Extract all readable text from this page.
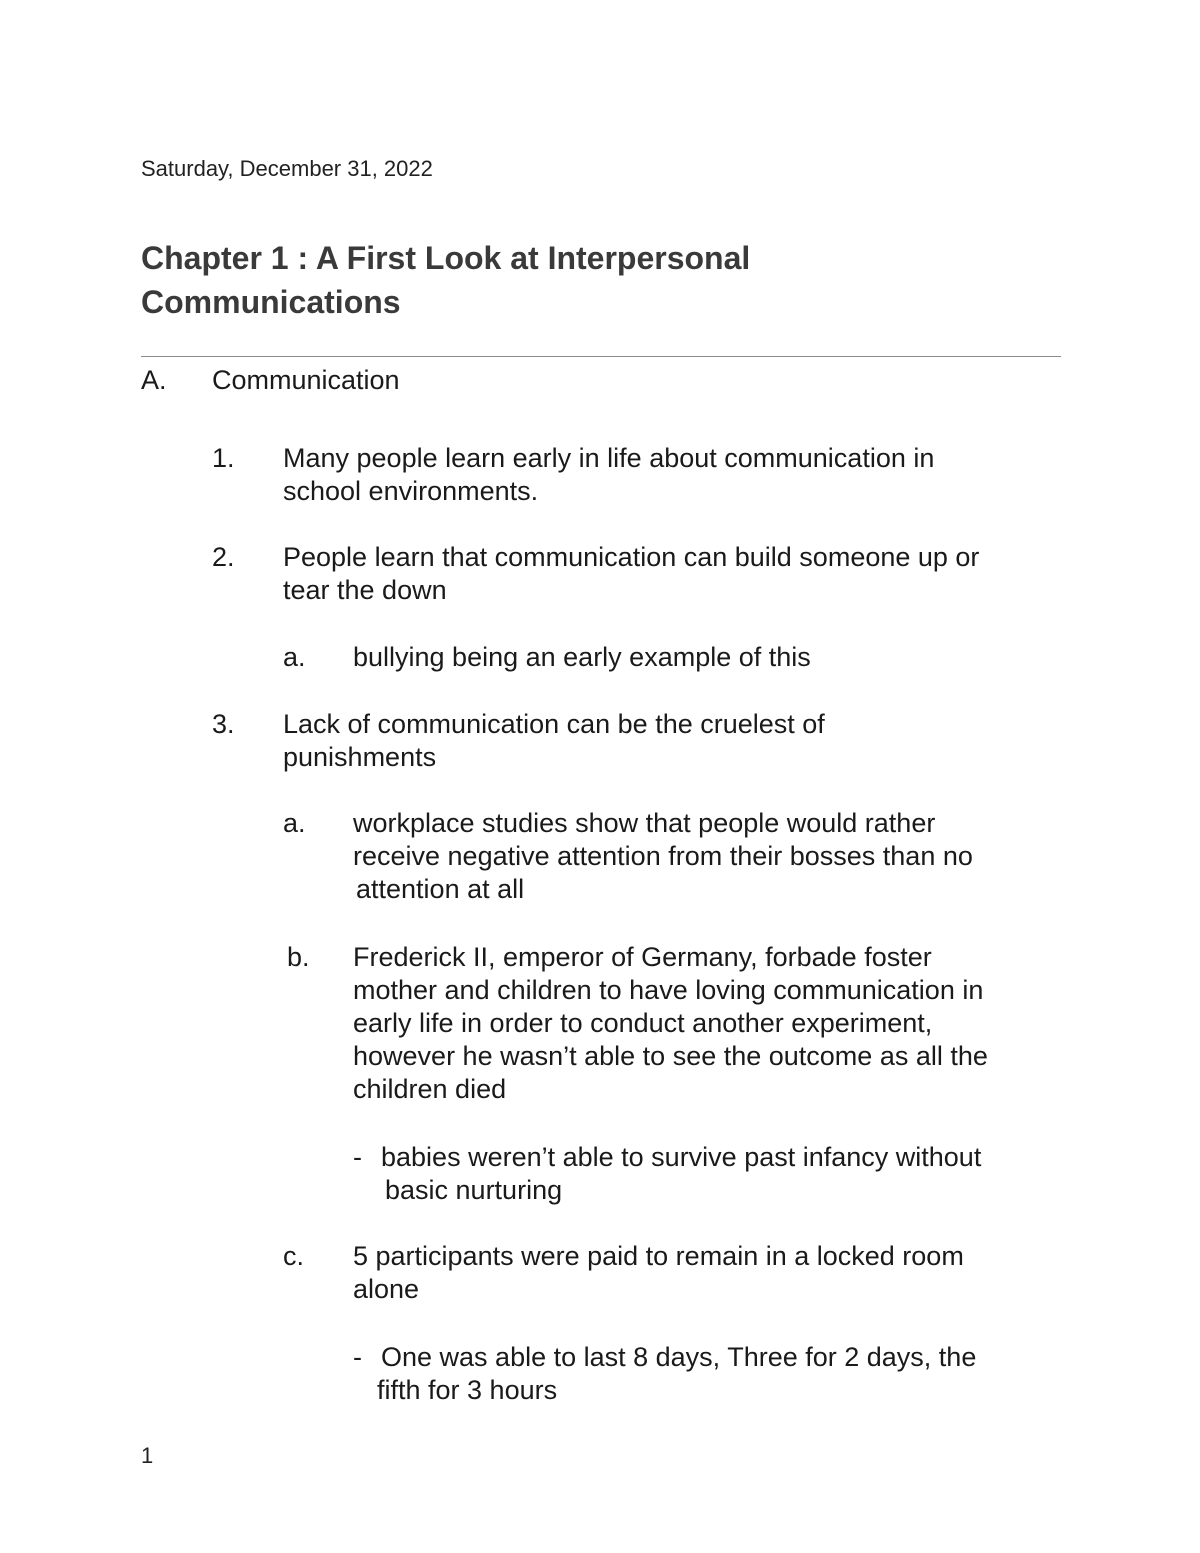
Saturday, December 31, 2022
Chapter 1 : A First Look at Interpersonal
Communications
A. Communication
1. Many people learn early in life about communication in
school environments.
2. People learn that communication can build someone up or
tear the down
a. bullying being an early example of this
3. Lack of communication can be the cruelest of
punishments
a. workplace studies show that people would rather
receive negative attention from their bosses than no
attention at all
b. Frederick II, emperor of Germany, forbade foster
mother and children to have loving communication in
early life in order to conduct another experiment,
however he wasn’t able to see the outcome as all the
children died
- babies weren’t able to survive past infancy without
basic nurturing
c. 5 participants were paid to remain in a locked room
alone
- One was able to last 8 days, Three for 2 days, the
fifth for 3 hours
1
